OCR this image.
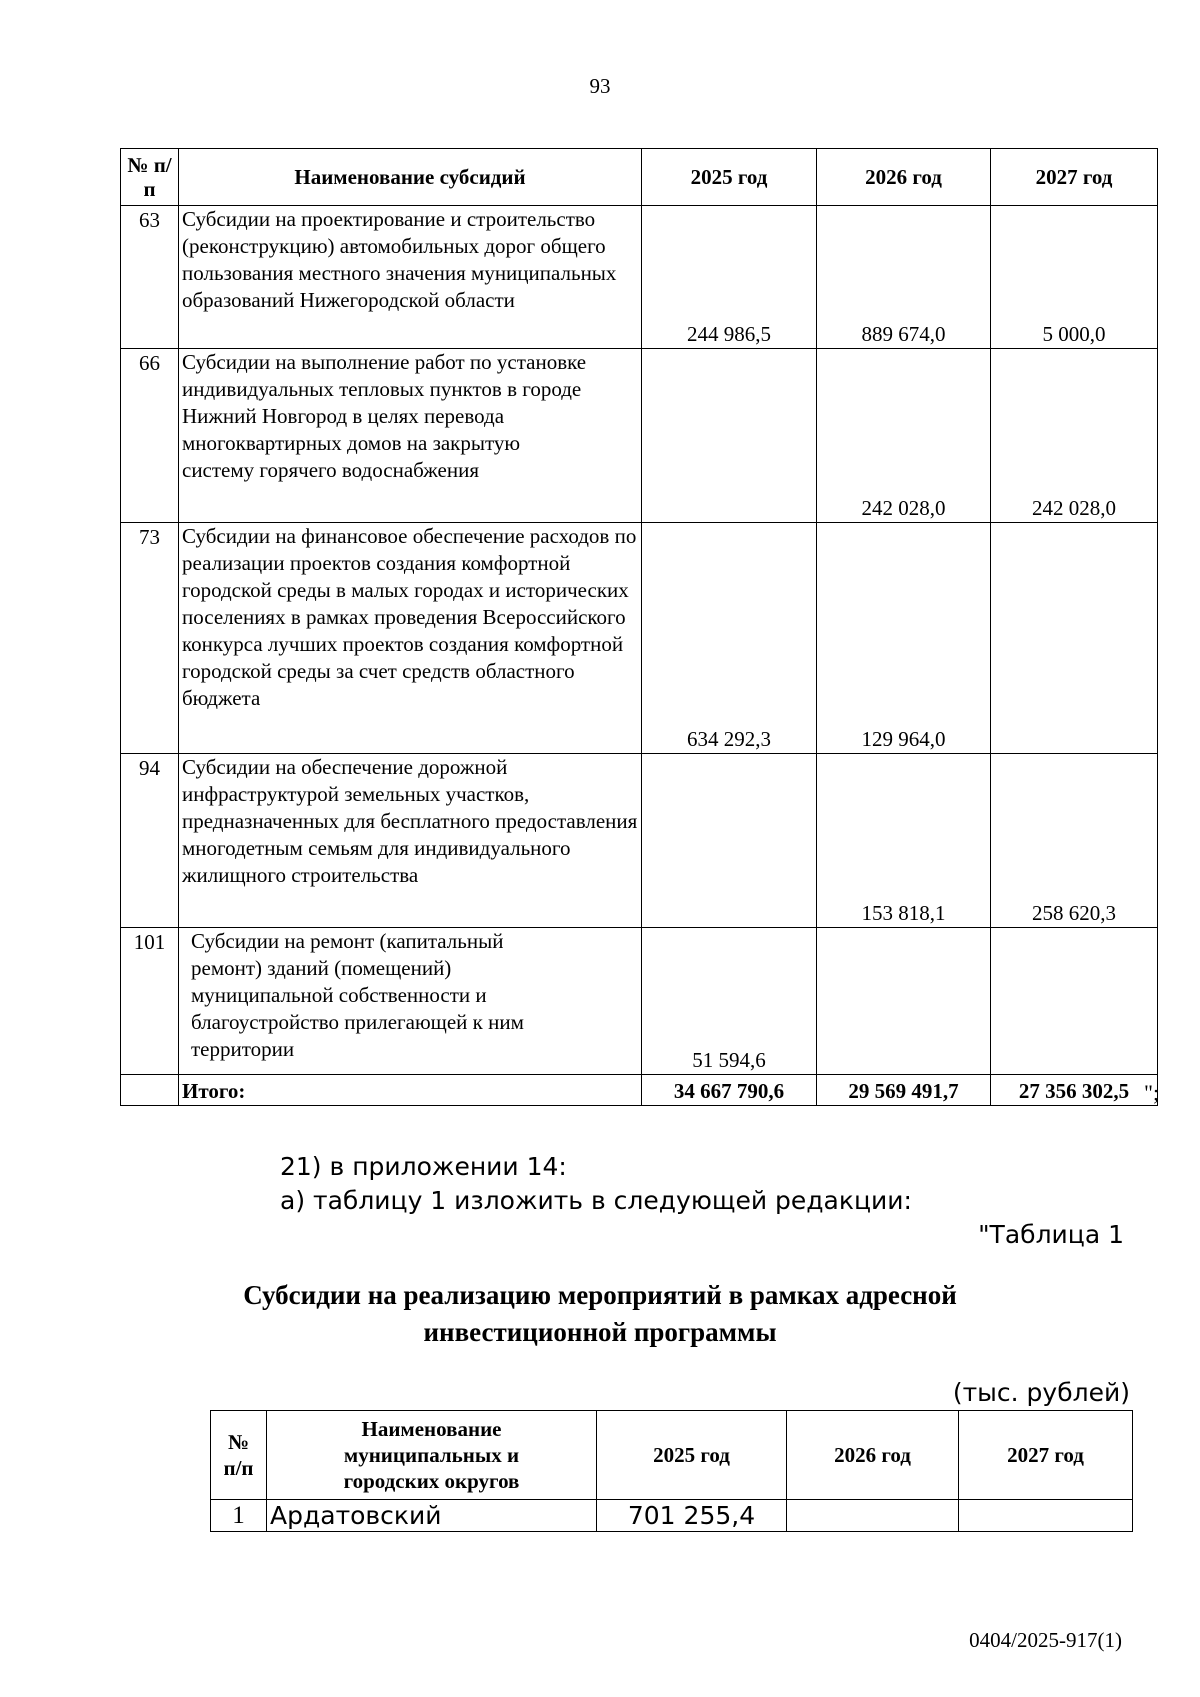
93
№ п/п	Наименование субсидий	2025 год	2026 год	2027 год
63	Субсидии на проектирование и строительство (реконструкцию) автомобильных дорог общего пользования местного значения муниципальных образований Нижегородской области	244 986,5	889 674,0	5 000,0
66	Субсидии на выполнение работ по установке индивидуальных тепловых пунктов в городе Нижний Новгород в целях перевода многоквартирных домов на закрытую систему горячего водоснабжения		242 028,0	242 028,0
73	Субсидии на финансовое обеспечение расходов по реализации проектов создания комфортной городской среды в малых городах и исторических поселениях в рамках проведения Всероссийского конкурса лучших проектов создания комфортной городской среды за счет средств областного бюджета	634 292,3	129 964,0	
94	Субсидии на обеспечение дорожной инфраструктурой земельных участков, предназначенных для бесплатного предоставления многодетным семьям для индивидуального жилищного строительства		153 818,1	258 620,3
101	Субсидии на ремонт (капитальный ремонт) зданий (помещений) муниципальной собственности и благоустройство прилегающей к ним территории	51 594,6		
	Итого:	34 667 790,6	29 569 491,7	27 356 302,5 ";
21) в приложении 14:
а) таблицу 1 изложить в следующей редакции:
"Таблица 1
Субсидии на реализацию мероприятий в рамках адресной
инвестиционной программы
(тыс. рублей)
№ п/п	Наименование муниципальных и городских округов	2025 год	2026 год	2027 год
1	Ардатовский	701 255,4		
0404/2025-917(1)
